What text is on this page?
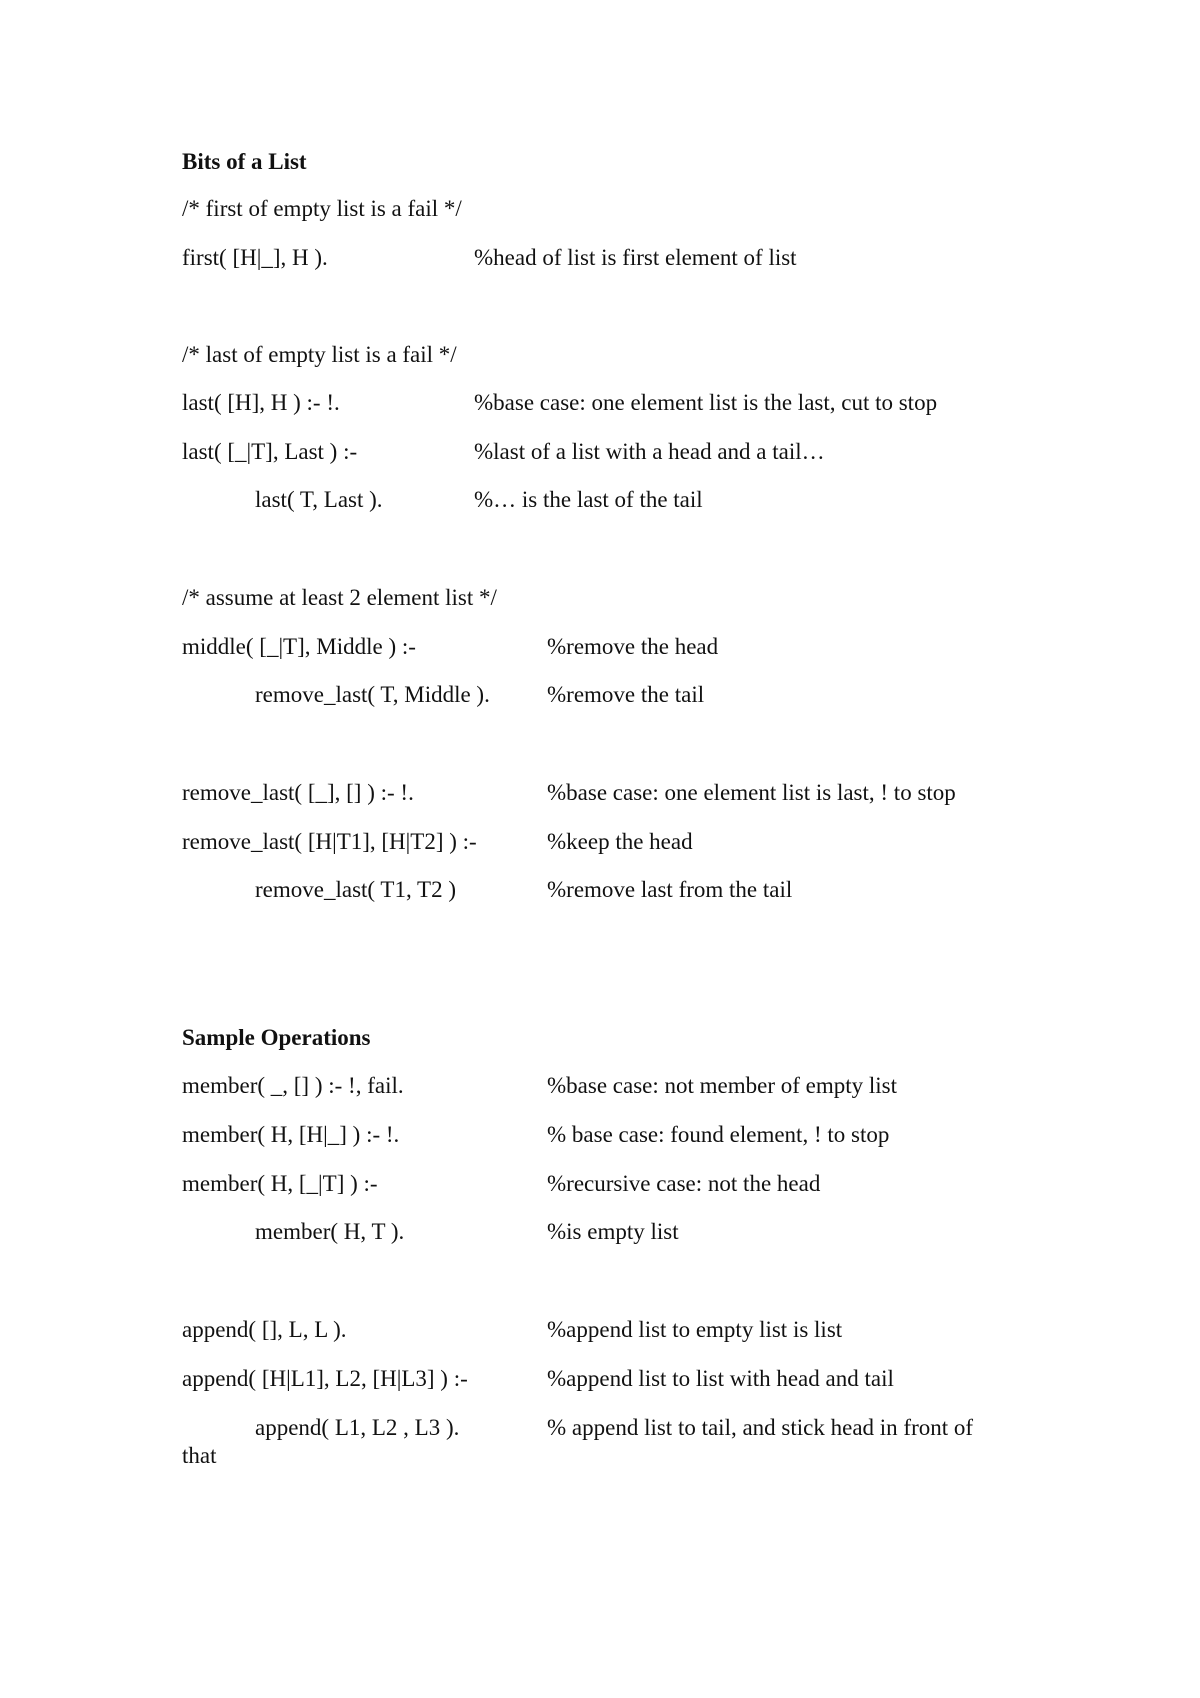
Bits of a List
/* first of empty list is a fail */
first( [H|_], H ).	%head of list is first element of list
/* last of empty list is a fail */
last( [H], H ) :- !.	%base case: one element list is the last, cut to stop
last( [_|T], Last ) :-	%last of a list with a head and a tail…
last( T, Last ).	%… is the last of the tail
/* assume at least 2 element list */
middle( [_|T], Middle ) :-	%remove the head
remove_last( T, Middle ). %remove the tail
remove_last( [_], [] ) :- !.	%base case: one element list is last, ! to stop
remove_last( [H|T1], [H|T2] ) :-	%keep the head
remove_last( T1, T2 )	%remove last from the tail
Sample Operations
member( _, [] ) :- !, fail.	%base case: not member of empty list
member( H, [H|_] ) :- !.	% base case: found element, ! to stop
member( H, [_|T] ) :-	%recursive case: not the head
member( H, T ).	%is empty list
append( [], L, L ).	%append list to empty list is list
append( [H|L1], L2, [H|L3] ) :-	%append list to list with head and tail
append( L1, L2 , L3 ).	% append list to tail, and stick head in front of
that
